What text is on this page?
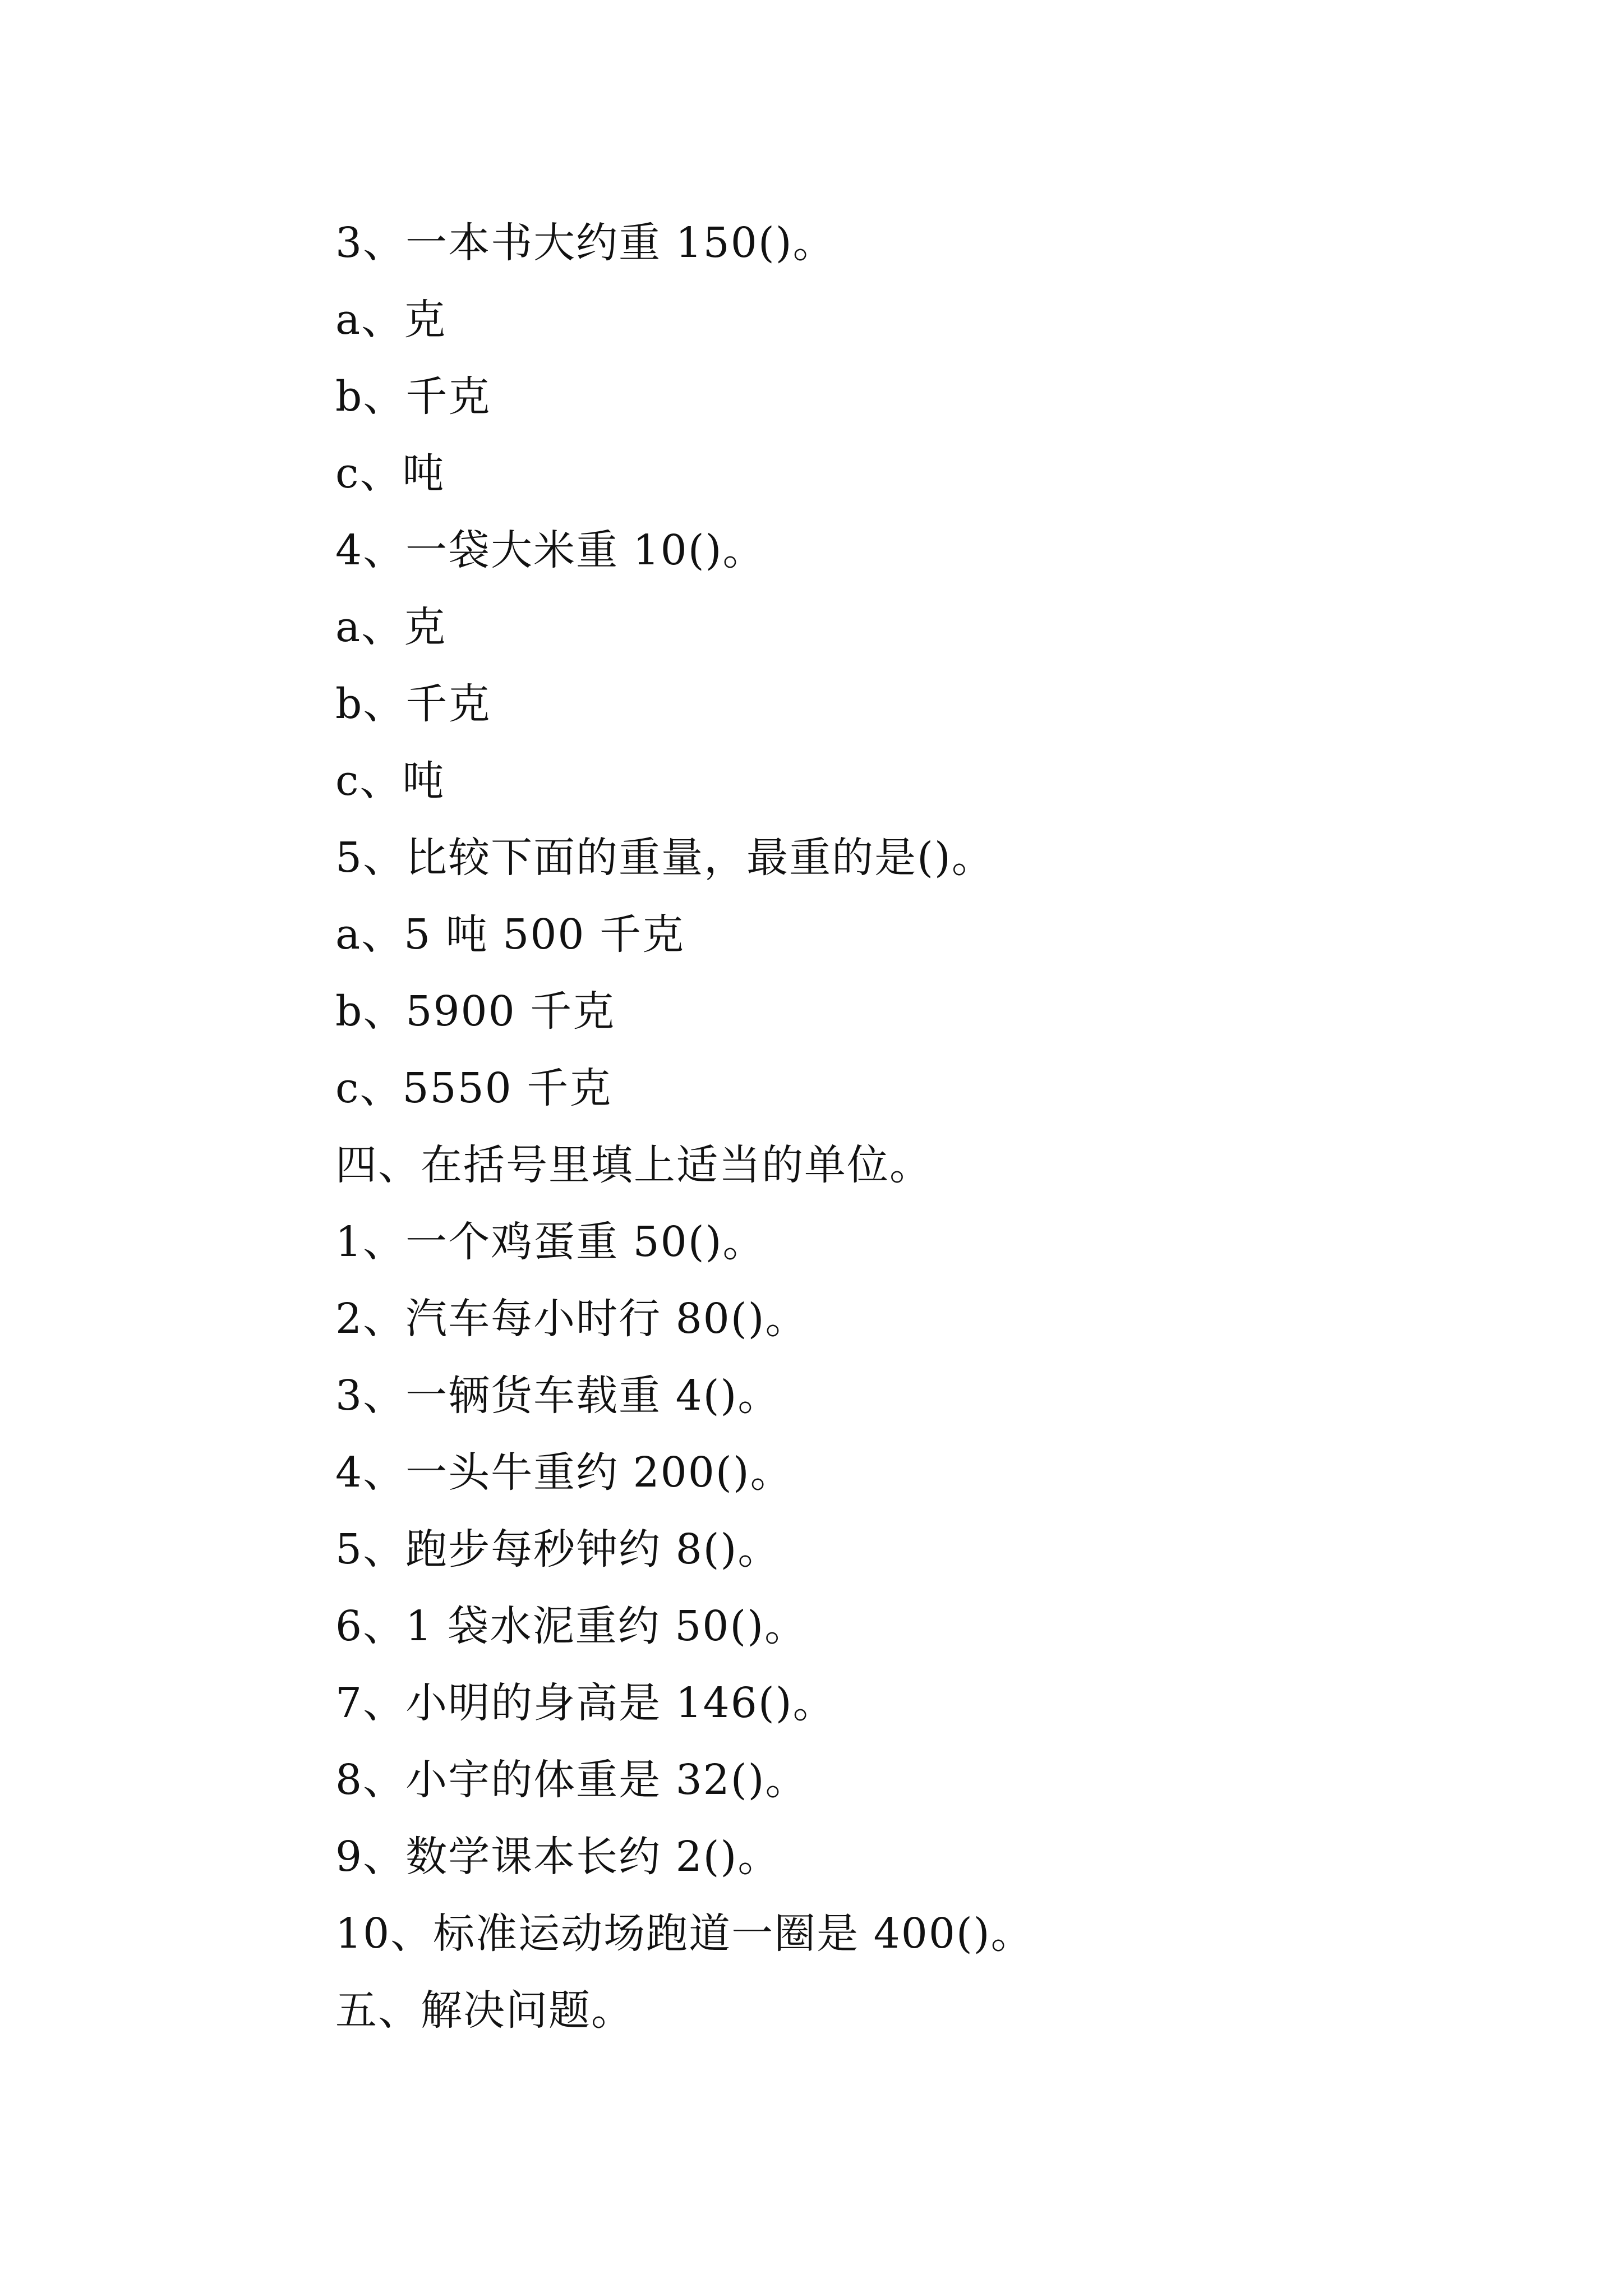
3、一本书大约重 150()。
a、克
b、千克
c、吨
4、一袋大米重 10()。
a、克
b、千克
c、吨
5、比较下面的重量，最重的是()。
a、5 吨 500 千克
b、5900 千克
c、5550 千克
四、在括号里填上适当的单位。
1、一个鸡蛋重 50()。
2、汽车每小时行 80()。
3、一辆货车载重 4()。
4、一头牛重约 200()。
5、跑步每秒钟约 8()。
6、1 袋水泥重约 50()。
7、小明的身高是 146()。
8、小宇的体重是 32()。
9、数学课本长约 2()。
10、标准运动场跑道一圈是 400()。
五、解决问题。
